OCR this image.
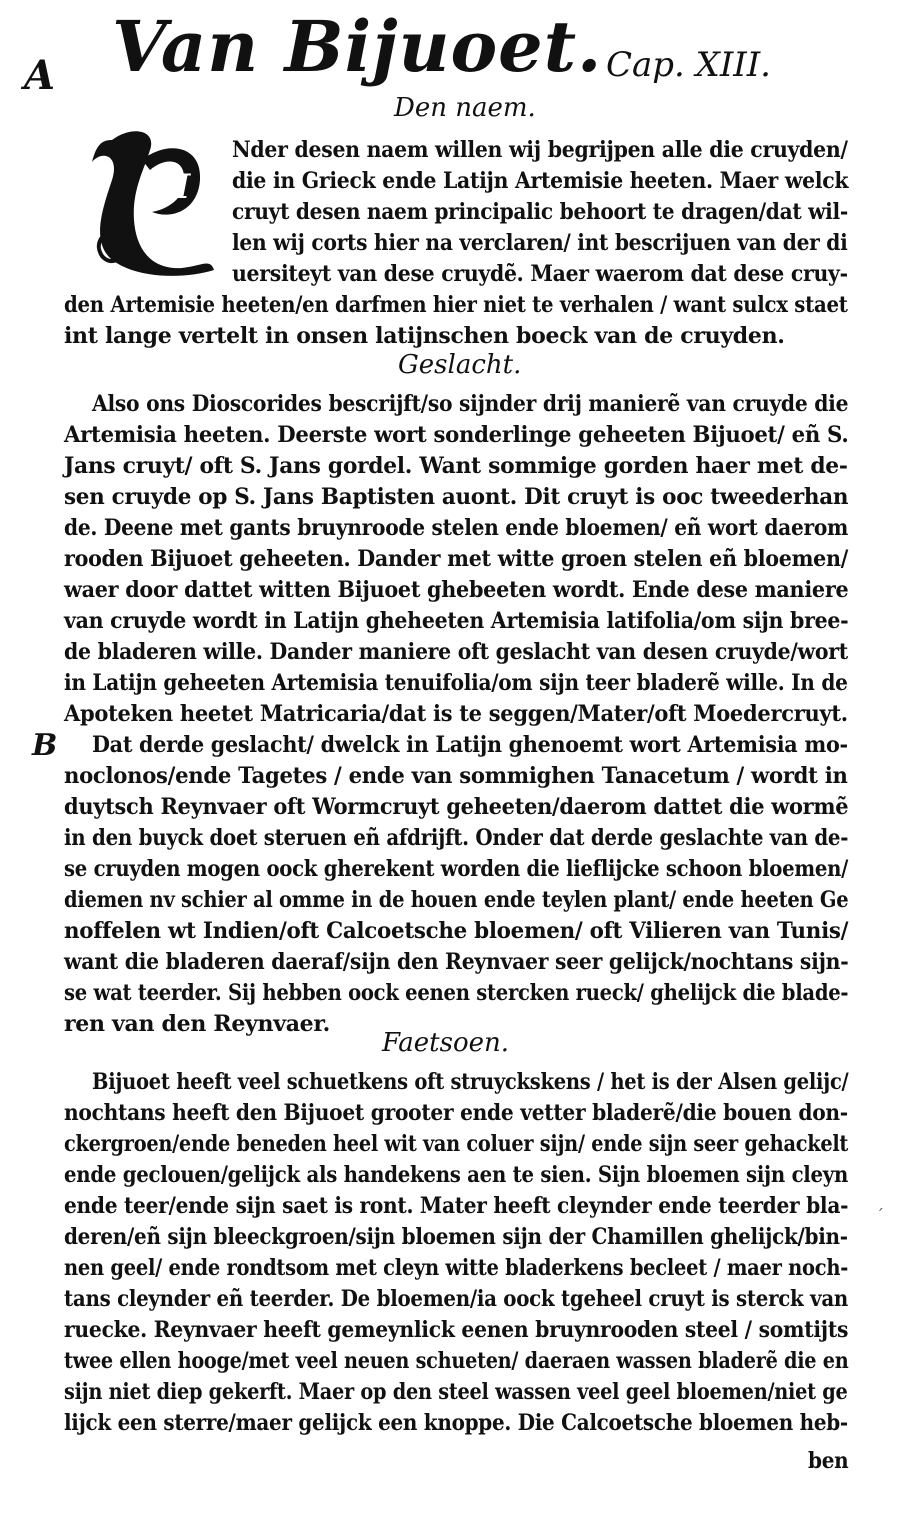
A Van Bijuoet. Cap. XIII.
H
Den naem.
Nder desen naem willen wij begrijpen alle die cruyden/
die in Grieck ende Latijn Artemisie heeten. Maer welck
cruyt desen naem principalic behoort te dragen/dat wil-
len wij corts hier na verclaren/ int bescrijuen van der di
uersiteyt van dese cruydẽ. Maer waerom dat dese cruy-
den Artemisie heeten/en darfmen hier niet te verhalen / want sulcx staet
int lange vertelt in onsen latijnschen boeck van de cruyden.
Geslacht.
Also ons Dioscorides bescrijft/so sijnder drij manierẽ van cruyde die
Artemisia heeten. Deerste wort sonderlinge geheeten Bijuoet/ eñ S.
Jans cruyt/ oft S. Jans gordel. Want sommige gorden haer met de-
sen cruyde op S. Jans Baptisten auont. Dit cruyt is ooc tweederhan
de. Deene met gants bruynroode stelen ende bloemen/ eñ wort daerom
rooden Bijuoet geheeten. Dander met witte groen stelen eñ bloemen/
waer door dattet witten Bijuoet ghebeeten wordt. Ende dese maniere
van cruyde wordt in Latijn gheheeten Artemisia latifolia/om sijn bree-
de bladeren wille. Dander maniere oft geslacht van desen cruyde/wort
in Latijn geheeten Artemisia tenuifolia/om sijn teer bladerẽ wille. In de
Apoteken heetet Matricaria/dat is te seggen/Mater/oft Moedercruyt.
B Dat derde geslacht/ dwelck in Latijn ghenoemt wort Artemisia mo-
noclonos/ende Tagetes / ende van sommighen Tanacetum / wordt in
duytsch Reynvaer oft Wormcruyt geheeten/daerom dattet die wormẽ
in den buyck doet steruen eñ afdrijft. Onder dat derde geslachte van de-
se cruyden mogen oock gherekent worden die lieflijcke schoon bloemen/
diemen nv schier al omme in de houen ende teylen plant/ ende heeten Ge
noffelen wt Indien/oft Calcoetsche bloemen/ oft Vilieren van Tunis/
want die bladeren daeraf/sijn den Reynvaer seer gelijck/nochtans sijn-
se wat teerder. Sij hebben oock eenen stercken rueck/ ghelijck die blade-
ren van den Reynvaer.
Faetsoen.
Bijuoet heeft veel schuetkens oft struyckskens / het is der Alsen gelijc/
nochtans heeft den Bijuoet grooter ende vetter bladerẽ/die bouen don-
ckergroen/ende beneden heel wit van coluer sijn/ ende sijn seer gehackelt
ende geclouen/gelijck als handekens aen te sien. Sijn bloemen sijn cleyn
ende teer/ende sijn saet is ront. Mater heeft cleynder ende teerder bla-
deren/eñ sijn bleeckgroen/sijn bloemen sijn der Chamillen ghelijck/bin-
nen geel/ ende rondtsom met cleyn witte bladerkens becleet / maer noch-
tans cleynder eñ teerder. De bloemen/ia oock tgeheel cruyt is sterck van
ruecke. Reynvaer heeft gemeynlick eenen bruynrooden steel / somtijts
twee ellen hooge/met veel neuen schueten/ daeraen wassen bladerẽ die en
sijn niet diep gekerft. Maer op den steel wassen veel geel bloemen/niet ge
lijck een sterre/maer gelijck een knoppe. Die Calcoetsche bloemen heb-
ben
´
